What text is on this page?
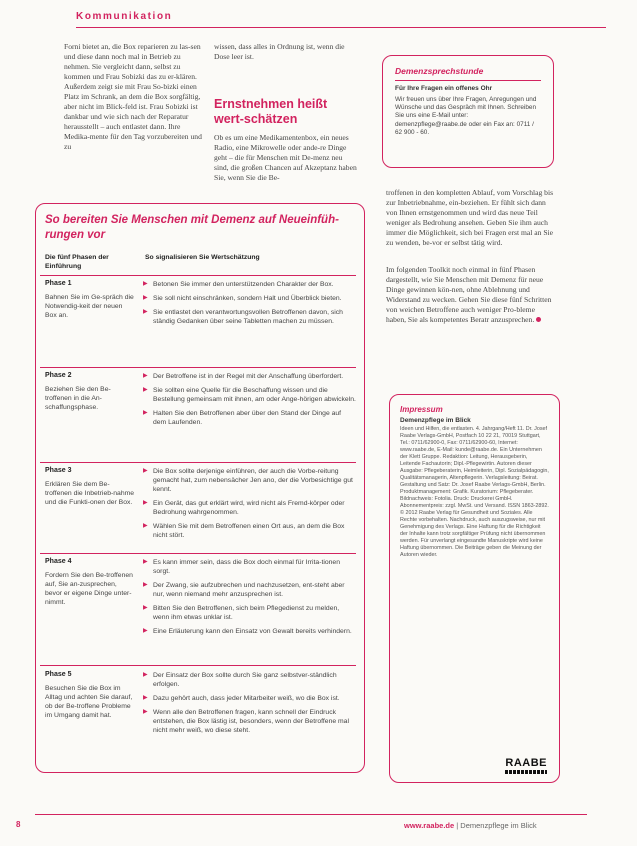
Kommunikation
Forni bietet an, die Box reparieren zu las-sen und diese dann noch mal in Betrieb zu nehmen. Sie vergleicht dann, selbst zu kommen und Frau Sobizki das zu er-klären. Außerdem zeigt sie mit Frau So-bizki einen Platz im Schrank, an dem die Box sorgfältig, aber nicht im Blick-feld ist. Frau Sobizki ist dankbar und wie sich nach der Reparatur herausstellt – auch entlastet dann. Ihre Medika-mente für den Tag vorzubereiten und zu
wissen, dass alles in Ordnung ist, wenn die Dose leer ist.
Ernstnehmen heißt wert-schätzen
Ob es um eine Medikamentenbox, ein neues Radio, eine Mikrowelle oder ande-re Dinge geht – die für Menschen mit De-menz neu sind, die großen Chancen auf Akzeptanz haben Sie, wenn Sie die Be-
Demenzsprechstunde
Für Ihre Fragen ein offenes Ohr
Wir freuen uns über Ihre Fragen, Anregungen und Wünsche und das Gespräch mit Ihnen. Schreiben Sie uns eine E-Mail unter: demenzpflege@raabe.de oder ein Fax an: 0711 / 62 900 - 60.
troffenen in den kompletten Ablauf, vom Vorschlag bis zur Inbetriebnahme, ein-beziehen. Er fühlt sich dann von Ihnen ernstgenommen und wird das neue Teil weniger als Bedrohung ansehen. Geben Sie ihm auch immer die Möglichkeit, sich bei Fragen erst mal an Sie zu wenden, be-vor er selbst tätig wird.
Im folgenden Toolkit noch einmal in fünf Phasen dargestellt, wie Sie Menschen mit Demenz für neue Dinge gewinnen kön-nen, ohne Ablehnung und Widerstand zu wecken. Gehen Sie diese fünf Schritten von weichen Betroffene auch weniger Pro-bleme haben, Sie als kompetentes Beratr anzusprechen.
So bereiten Sie Menschen mit Demenz auf Neueinfüh-rungen vor
Die fünf Phasen der Einführung
So signalisieren Sie Wertschätzung
Phase 1
Bahnen Sie im Ge-spräch die Notwendig-keit der neuen Box an.
▶ Betonen Sie immer den unterstützenden Charakter der Box.
▶ Sie soll nicht einschränken, sondern Halt und Überblick bieten.
▶ Sie entlastet den verantwortungsvollen Betroffenen davon, sich ständig Gedanken über seine Tabletten machen zu müssen.
Phase 2
Beziehen Sie den Be-troffenen in die An-schaffungsphase.
▶ Der Betroffene ist in der Regel mit der Anschaffung überfordert.
▶ Sie sollten eine Quelle für die Beschaffung wissen und die Bestellung gemeinsam mit ihnen, am oder Ange-hörigen abwickeln.
▶ Halten Sie den Betroffenen aber über den Stand der Dinge auf dem Laufenden.
Phase 3
Erklären Sie dem Be-troffenen die Inbetrieb-nahme und die Funkti-onen der Box.
▶ Die Box sollte derjenige einführen, der auch die Vorbe-reitung gemacht hat, zum nebensächer Jen ano, der die Vorbesichtige gut kennt.
▶ Ein Gerät, das gut erklärt wird, wird nicht als Fremd-körper oder Bedrohung wahrgenommen.
▶ Wählen Sie mit dem Betroffenen einen Ort aus, an dem die Box nicht stört.
Phase 4
Fordern Sie den Be-troffenen auf, Sie an-zusprechen, bevor er eigene Dinge unter-nimmt.
▶ Es kann immer sein, dass die Box doch einmal für Irrita-tionen sorgt.
▶ Der Zwang, sie aufzubrechen und nachzusetzen, ent-steht aber nur, wenn niemand mehr anzusprechen ist.
▶ Bitten Sie den Betroffenen, sich beim Pflegedienst zu melden, wenn ihm etwas unklar ist.
▶ Eine Erläuterung kann den Einsatz von Gewalt bereits verhindern.
Phase 5
Besuchen Sie die Box im Alltag und achten Sie darauf, ob der Be-troffene Probleme im Umgang damit hat.
▶ Der Einsatz der Box sollte durch Sie ganz selbstver-ständlich erfolgen.
▶ Dazu gehört auch, dass jeder Mitarbeiter weiß, wo die Box ist.
▶ Wenn alle den Betroffenen fragen, kann schnell der Eindruck entstehen, die Box lästig ist, besonders, wenn der Betroffene mal nicht mehr weiß, wo diese steht.
Impressum
Demenzpflege im Blick
Ideen und Hilfen, die entlasten. 4. Jahrgang/Heft 11. Dr. Josef Raabe Verlags-GmbH, Postfach 10 22 21, 70019 Stuttgart, Tel.: 0711/62900-0, Fax: 0711/62900-60, Internet: www.raabe.de, E-Mail: kunde@raabe.de. Ein Unternehmen der Klett Gruppe. Redaktion: Leitung, Herausgeberin, Leitende Fachautorin; Dipl.-Pflegewirtin. Autoren dieser Ausgabe: Pflegeberaterin, Heimleiterin, Dipl. Sozialpädagogin, Qualitätsmanagerin, Altenpflegerin. Verlagsleitung: Beirat. Gestaltung und Satz: Dr. Josef Raabe Verlags-GmbH, Berlin. Produktmanagement: Grafik. Kuratorium: Pflegeberater. Bildnachweis: Fotolia. Druck: Druckerei GmbH. Abonnementpreis: zzgl. MwSt. und Versand. ISSN 1863-2892. © 2012 Raabe Verlag für Gesundheit und Soziales. Alle Rechte vorbehalten. Nachdruck, auch auszugsweise, nur mit Genehmigung des Verlags. Eine Haftung für die Richtigkeit der Inhalte kann trotz sorgfältiger Prüfung nicht übernommen werden. Für unverlangt eingesandte Manuskripte wird keine Haftung übernommen. Die Beiträge geben die Meinung der Autoren wieder.
RAABE
8	www.raabe.de | Demenzpflege im Blick
